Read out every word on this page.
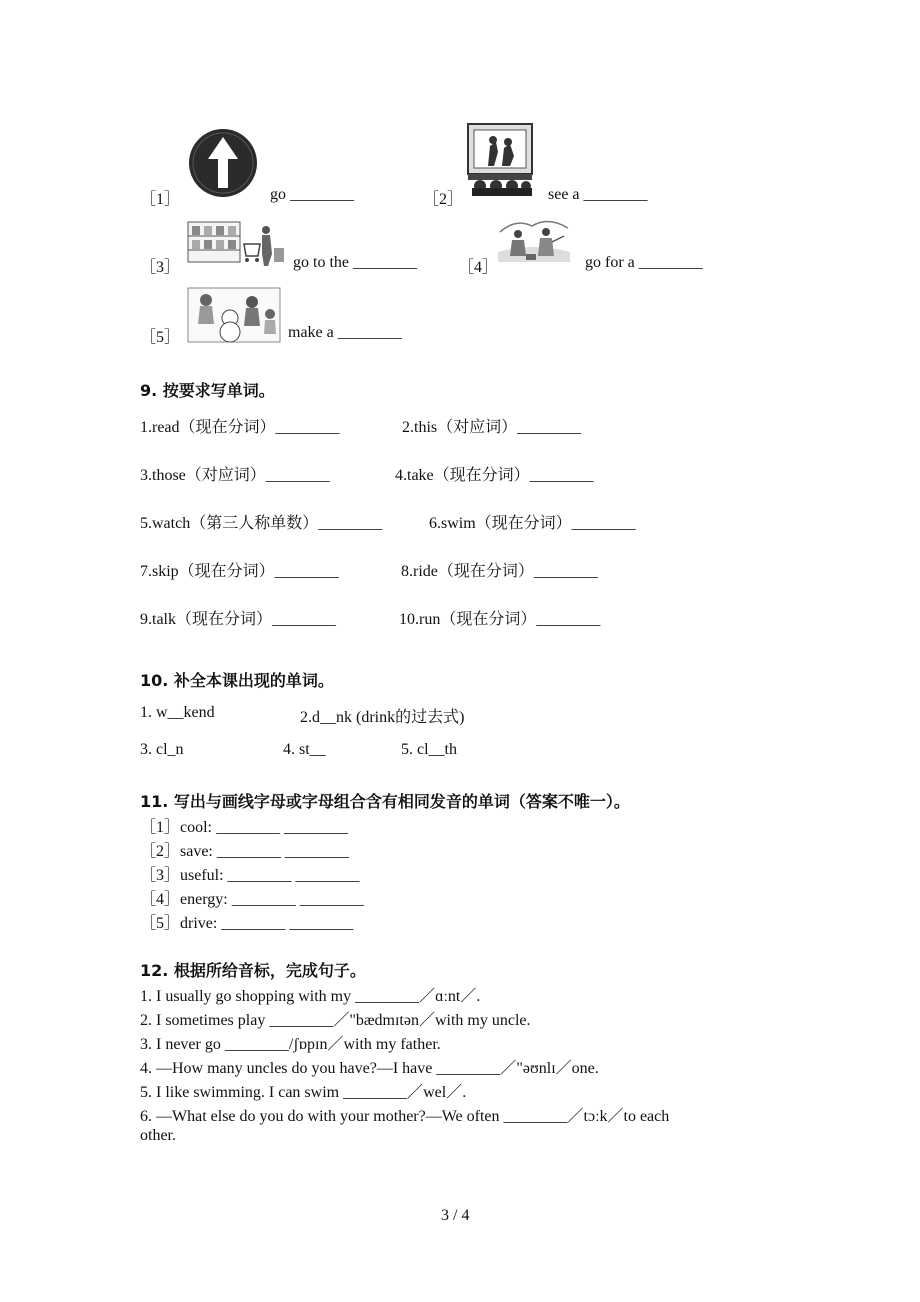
［1］	go ________	［2］	see a ________
［3］	go to the ________	［4］	go for a ________
［5］	make a ________
9. 按要求写单词。
1.read（现在分词）________	2.this（对应词）________
3.those（对应词）________	4.take（现在分词）________
5.watch（第三人称单数）________	6.swim（现在分词）________
7.skip（现在分词）________	8.ride（现在分词）________
9.talk（现在分词）________	10.run（现在分词）________
10. 补全本课出现的单词。
1. w__kend	2.d__nk (drink的过去式)
3. cl_n	4. st__	5. cl__th
11. 写出与画线字母或字母组合含有相同发音的单词（答案不唯一）。
［1］cool: ________ ________
［2］save: ________ ________
［3］useful: ________ ________
［4］energy: ________ ________
［5］drive: ________ ________
12. 根据所给音标，完成句子。
1. I usually go shopping with my ________／ɑːnt／.
2. I sometimes play ________／"bædmɪtən／with my uncle.
3. I never go ________/ʃɒpɪn／with my father.
4. —How many uncles do you have?—I have ________／"əʊnlɪ／one.
5. I like swimming. I can swim ________／wel／.
6. —What else do you do with your mother?—We often ________／tɔːk／to each
other.
3 / 4
